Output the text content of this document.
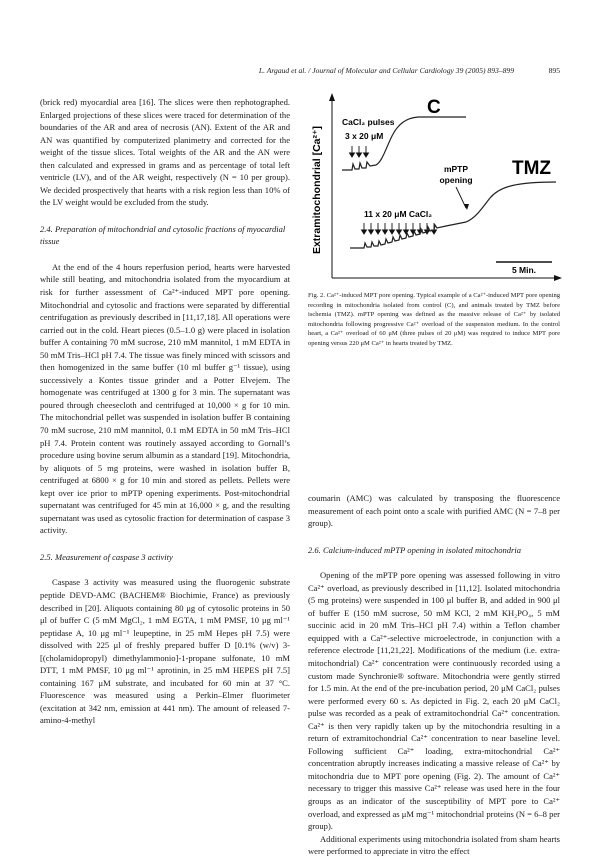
L. Argaud et al. / Journal of Molecular and Cellular Cardiology 39 (2005) 893–899	895

(brick red) myocardial area [16]. The slices were then rephotographed. Enlarged projections of these slices were traced for determination of the boundaries of the AR and area of necrosis (AN). Extent of the AR and AN was quantified by computerized planimetry and corrected for the weight of the tissue slices. Total weights of the AR and the AN were then calculated and expressed in grams and as percentage of total left ventricle (LV), and of the AR weight, respectively (N = 10 per group). We decided prospectively that hearts with a risk region less than 10% of the LV weight would be excluded from the study.

2.4. Preparation of mitochondrial and cytosolic fractions of myocardial tissue

At the end of the 4 hours reperfusion period, hearts were harvested while still beating, and mitochondria isolated from the myocardium at risk for further assessment of Ca²⁺-induced MPT pore opening. Mitochondrial and cytosolic and fractions were separated by differential centrifugation as previously described in [11,17,18]. All operations were carried out in the cold. Heart pieces (0.5–1.0 g) were placed in isolation buffer A containing 70 mM sucrose, 210 mM mannitol, 1 mM EDTA in 50 mM Tris–HCl pH 7.4. The tissue was finely minced with scissors and then homogenized in the same buffer (10 ml buffer g⁻¹ tissue), using successively a Kontes tissue grinder and a Potter Elvejem. The homogenate was centrifuged at 1300 g for 3 min. The supernatant was poured through cheesecloth and centrifuged at 10,000 × g for 10 min. The mitochondrial pellet was suspended in isolation buffer B containing 70 mM sucrose, 210 mM mannitol, 0.1 mM EDTA in 50 mM Tris–HCl pH 7.4. Protein content was routinely assayed according to Gornall’s procedure using bovine serum albumin as a standard [19]. Mitochondria, by aliquots of 5 mg proteins, were washed in isolation buffer B, centrifuged at 6800 × g for 10 min and stored as pellets. Pellets were kept over ice prior to mPTP opening experiments. Post-mitochondrial supernatant was centrifuged for 45 min at 16,000 × g, and the resulting supernatant was used as cytosolic fraction for determination of caspase 3 activity.

2.5. Measurement of caspase 3 activity

Caspase 3 activity was measured using the fluorogenic substrate peptide DEVD-AMC (BACHEM® Biochimie, France) as previously described in [20]. Aliquots containing 80 μg of cytosolic proteins in 50 μl of buffer C (5 mM MgCl₂, 1 mM EGTA, 1 mM PMSF, 10 μg ml⁻¹ peptidase A, 10 μg ml⁻¹ leupeptine, in 25 mM Hepes pH 7.5) were dissolved with 225 μl of freshly prepared buffer D [0.1% (w/v) 3-[(cholamidopropyl) dimethylammonio]-1-propane sulfonate, 10 mM DTT, 1 mM PMSF, 10 μg ml⁻¹ aprotinin, in 25 mM HEPES pH 7.5] containing 167 μM substrate, and incubated for 60 min at 37 °C. Fluorescence was measured using a Perkin–Elmer fluorimeter (excitation at 342 nm, emission at 441 nm). The amount of released 7-amino-4-methyl

Extramitochondrial [Ca²⁺]
C
TMZ
CaCl₂ pulses
3 x 20 μM
mPTP
opening
11 x 20 μM CaCl₂
5 Min.

Fig. 2. Ca²⁺-induced MPT pore opening. Typical example of a Ca²⁺-induced MPT pore opening recording in mitochondria isolated from control (C), and animals treated by TMZ before ischemia (TMZ). mPTP opening was defined as the massive release of Ca²⁺ by isolated mitochondria following progressive Ca²⁺ overload of the suspension medium. In the control heart, a Ca²⁺ overload of 60 μM (three pulses of 20 μM) was required to induce MPT pore opening versus 220 μM Ca²⁺ in hearts treated by TMZ.

coumarin (AMC) was calculated by transposing the fluorescence measurement of each point onto a scale with purified AMC (N = 7–8 per group).

2.6. Calcium-induced mPTP opening in isolated mitochondria

Opening of the mPTP pore opening was assessed following in vitro Ca²⁺ overload, as previously described in [11,12]. Isolated mitochondria (5 mg proteins) were suspended in 100 μl buffer B, and added in 900 μl of buffer E (150 mM sucrose, 50 mM KCl, 2 mM KH₂PO₄, 5 mM succinic acid in 20 mM Tris–HCl pH 7.4) within a Teflon chamber equipped with a Ca²⁺-selective microelectrode, in conjunction with a reference electrode [11,21,22]. Modifications of the medium (i.e. extra-mitochondrial) Ca²⁺ concentration were continuously recorded using a custom made Synchronie® software. Mitochondria were gently stirred for 1.5 min. At the end of the pre-incubation period, 20 μM CaCl₂ pulses were performed every 60 s. As depicted in Fig. 2, each 20 μM CaCl₂ pulse was recorded as a peak of extramitochondrial Ca²⁺ concentration. Ca²⁺ is then very rapidly taken up by the mitochondria resulting in a return of extramitochondrial Ca²⁺ concentration to near baseline level. Following sufficient Ca²⁺ loading, extra-mitochondrial Ca²⁺ concentration abruptly increases indicating a massive release of Ca²⁺ by mitochondria due to MPT pore opening (Fig. 2). The amount of Ca²⁺ necessary to trigger this massive Ca²⁺ release was used here in the four groups as an indicator of the susceptibility of MPT pore to Ca²⁺ overload, and expressed as μM mg⁻¹ mitochondrial proteins (N = 6–8 per group).

Additional experiments using mitochondria isolated from sham hearts were performed to appreciate in vitro the effect
